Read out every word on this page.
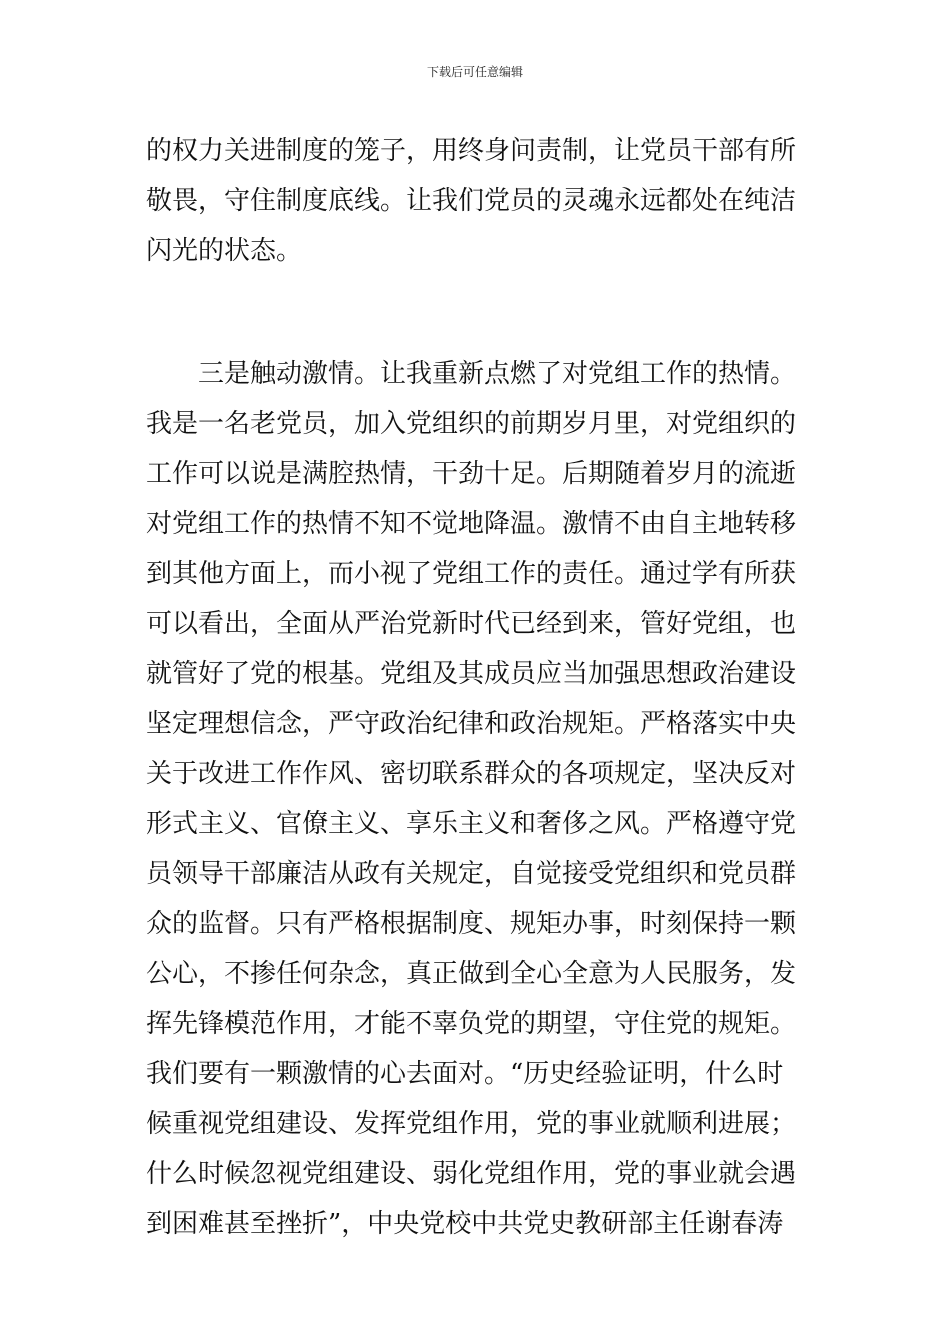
下载后可任意编辑
的权力关进制度的笼子，用终身问责制，让党员干部有所
敬畏，守住制度底线。让我们党员的灵魂永远都处在纯洁
闪光的状态。
三是触动激情。让我重新点燃了对党组工作的热情。
我是一名老党员，加入党组织的前期岁月里，对党组织的
工作可以说是满腔热情，干劲十足。后期随着岁月的流逝
对党组工作的热情不知不觉地降温。激情不由自主地转移
到其他方面上，而小视了党组工作的责任。通过学有所获
可以看出，全面从严治党新时代已经到来，管好党组，也
就管好了党的根基。党组及其成员应当加强思想政治建设
坚定理想信念，严守政治纪律和政治规矩。严格落实中央
关于改进工作作风、密切联系群众的各项规定，坚决反对
形式主义、官僚主义、享乐主义和奢侈之风。严格遵守党
员领导干部廉洁从政有关规定，自觉接受党组织和党员群
众的监督。只有严格根据制度、规矩办事，时刻保持一颗
公心，不掺任何杂念，真正做到全心全意为人民服务，发
挥先锋模范作用，才能不辜负党的期望，守住党的规矩。
我们要有一颗激情的心去面对。“历史经验证明，什么时
候重视党组建设、发挥党组作用，党的事业就顺利进展；
什么时候忽视党组建设、弱化党组作用，党的事业就会遇
到困难甚至挫折”，中央党校中共党史教研部主任谢春涛
